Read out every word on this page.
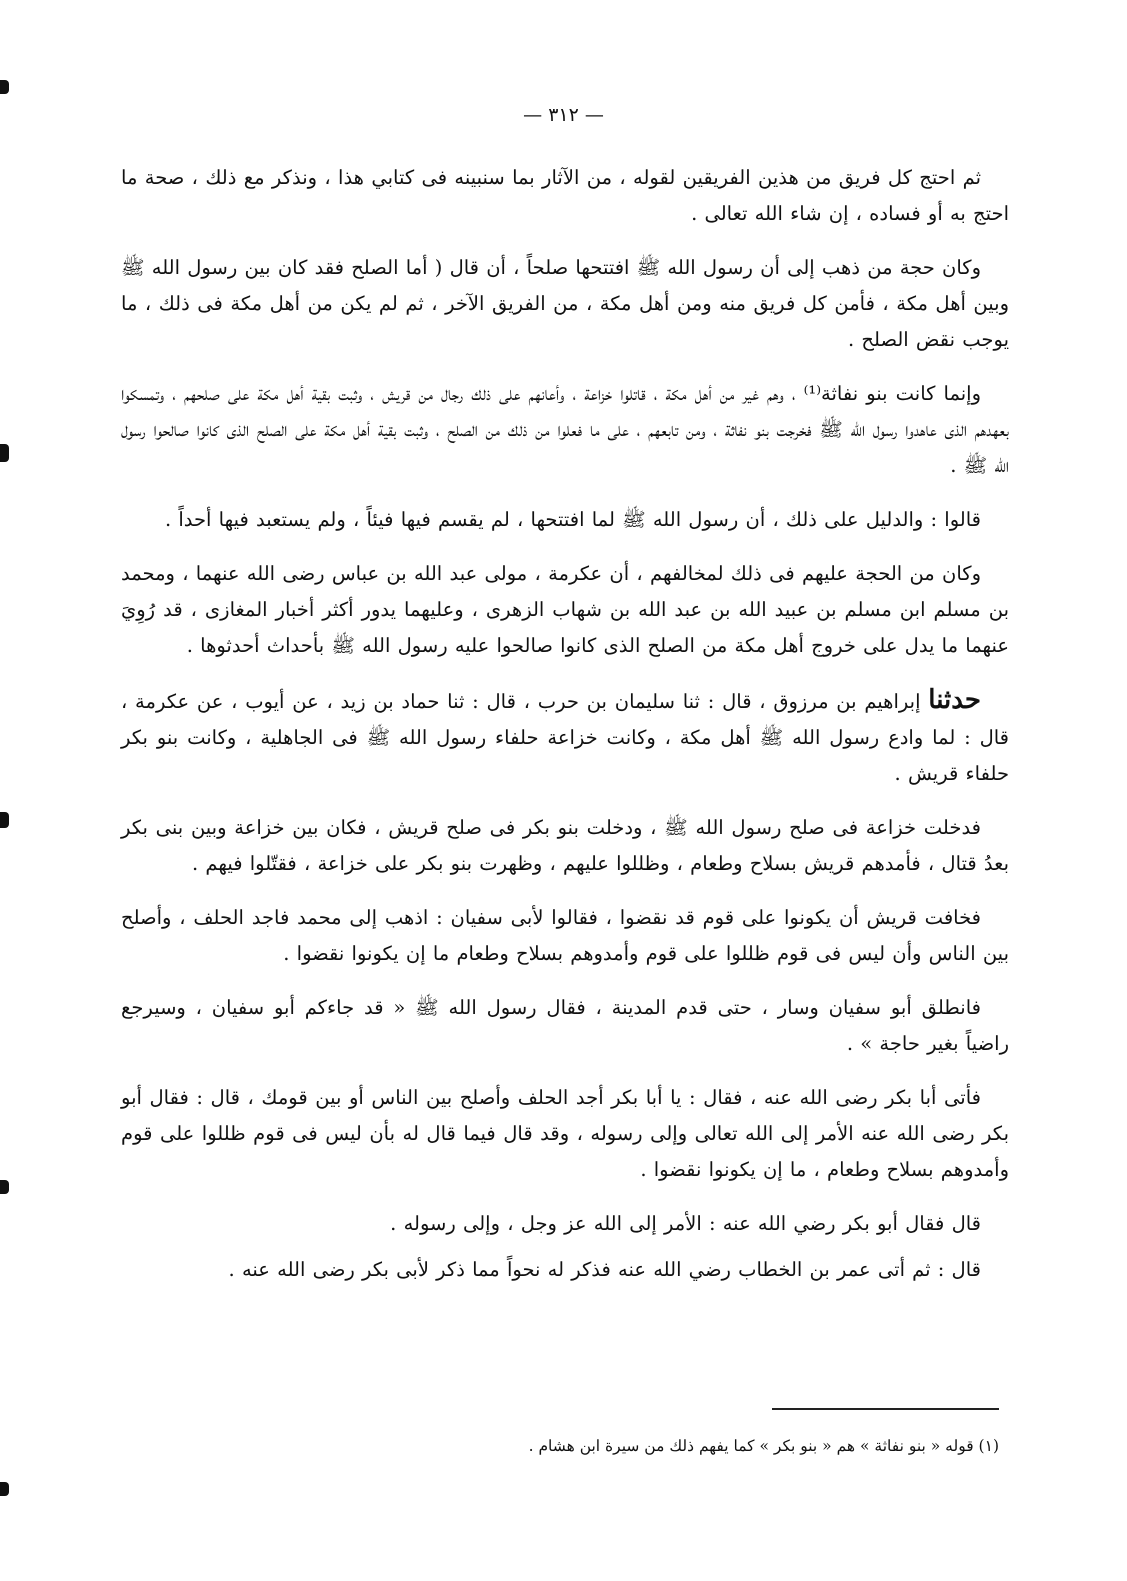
— ٣١٢ —

ثم احتج كل فريق من هذين الفريقين لقوله ، من الآثار بما سنبينه فى كتابي هذا ، ونذكر مع ذلك ، صحة ما احتج به أو فساده ، إن شاء الله تعالى .

وكان حجة من ذهب إلى أن رسول الله ﷺ افتتحها صلحاً ، أن قال ( أما الصلح فقد كان بين رسول الله ﷺ وبين أهل مكة ، فأمن كل فريق منه ومن أهل مكة ، من الفريق الآخر ، ثم لم يكن من أهل مكة فى ذلك ، ما يوجب نقض الصلح .

وإنما كانت بنو نفاثة⁽¹⁾ ، وهم غير من أهل مكة ، قاتلوا خزاعة ، وأعانهم على ذلك رجال من قريش ، وثبت بقية أهل مكة على صلحهم ، وتمسكوا بعهدهم الذى عاهدوا رسول الله ﷺ فخرجت بنو نفاثة ، ومن تابعهم ، على ما فعلوا من ذلك من الصلح ، وثبت بقية أهل مكة على الصلح الذى كانوا صالحوا رسول الله ﷺ .

قالوا : والدليل على ذلك ، أن رسول الله ﷺ لما افتتحها ، لم يقسم فيها فيئاً ، ولم يستعبد فيها أحداً .

وكان من الحجة عليهم فى ذلك لمخالفهم ، أن عكرمة ، مولى عبد الله بن عباس رضى الله عنهما ، ومحمد بن مسلم ابن مسلم بن عبيد الله بن عبد الله بن شهاب الزهرى ، وعليهما يدور أكثر أخبار المغازى ، قد رُوِيَ عنهما ما يدل على خروج أهل مكة من الصلح الذى كانوا صالحوا عليه رسول الله ﷺ بأحداث أحدثوها .

حدثنا إبراهيم بن مرزوق ، قال : ثنا سليمان بن حرب ، قال : ثنا حماد بن زيد ، عن أيوب ، عن عكرمة ، قال : لما وادع رسول الله ﷺ أهل مكة ، وكانت خزاعة حلفاء رسول الله ﷺ فى الجاهلية ، وكانت بنو بكر حلفاء قريش .

فدخلت خزاعة فى صلح رسول الله ﷺ ، ودخلت بنو بكر فى صلح قريش ، فكان بين خزاعة وبين بنى بكر بعدُ قتال ، فأمدهم قريش بسلاح وطعام ، وظللوا عليهم ، وظهرت بنو بكر على خزاعة ، فقتّلوا فيهم .

فخافت قريش أن يكونوا على قوم قد نقضوا ، فقالوا لأبى سفيان : اذهب إلى محمد فاجد الحلف ، وأصلح بين الناس وأن ليس فى قوم ظللوا على قوم وأمدوهم بسلاح وطعام ما إن يكونوا نقضوا .

فانطلق أبو سفيان وسار ، حتى قدم المدينة ، فقال رسول الله ﷺ « قد جاءكم أبو سفيان ، وسيرجع راضياً بغير حاجة » .

فأتى أبا بكر رضى الله عنه ، فقال : يا أبا بكر أجد الحلف وأصلح بين الناس أو بين قومك ، قال : فقال أبو بكر رضى الله عنه الأمر إلى الله تعالى وإلى رسوله ، وقد قال فيما قال له بأن ليس فى قوم ظللوا على قوم وأمدوهم بسلاح وطعام ، ما إن يكونوا نقضوا .

قال فقال أبو بكر رضي الله عنه : الأمر إلى الله عز وجل ، وإلى رسوله .

قال : ثم أتى عمر بن الخطاب رضي الله عنه فذكر له نحواً مما ذكر لأبى بكر رضى الله عنه .

(١) قوله « بنو نفاثة » هم « بنو بكر » كما يفهم ذلك من سيرة ابن هشام .
